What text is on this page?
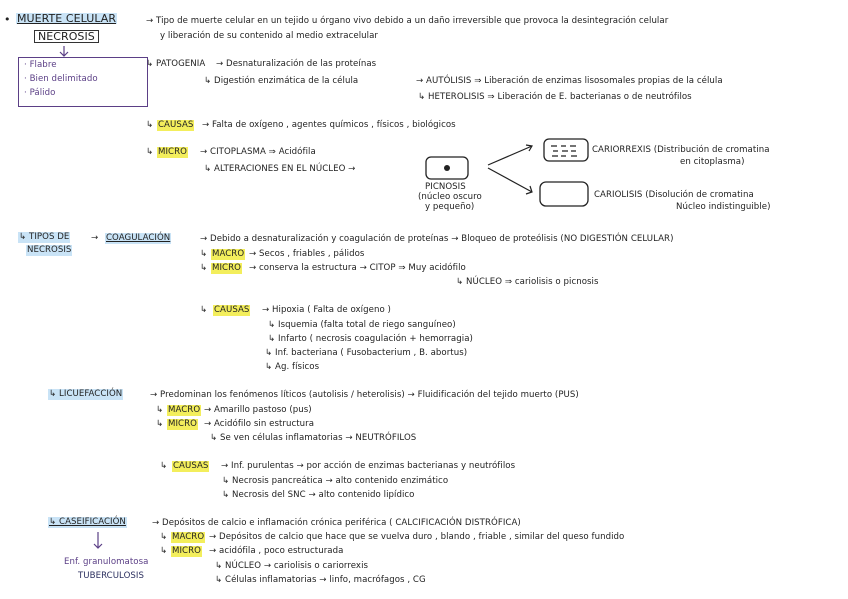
• MUERTE CELULAR
NECROSIS
→ Tipo de muerte celular en un tejido u órgano vivo debido a un daño irreversible que provoca la desintegración celular
y liberación de su contenido al medio extracelular
· Flabre
· Bien delimitado
· Pálido
↳ PATOGENIA → Desnaturalización de las proteínas
↳ Digestión enzimática de la célula	→ AUTÓLISIS ⇒ Liberación de enzimas lisosomales propias de la célula
↳ HETEROLISIS ⇒ Liberación de E. bacterianas o de neutrófilos
↳ CAUSAS → Falta de oxígeno , agentes químicos , físicos , biológicos
↳ MICRO → CITOPLASMA ⇒ Acidófila
↳ ALTERACIONES EN EL NÚCLEO →
PICNOSIS
(núcleo oscuro
y pequeño)
CARIORREXIS (Distribución de cromatina
en citoplasma)
CARIOLISIS (Disolución de cromatina
Núcleo indistinguible)
↳ TIPOS DE
NECROSIS
→ COAGULACIÓN	→ Debido a desnaturalización y coagulación de proteínas → Bloqueo de proteólisis (NO DIGESTIÓN CELULAR)
↳ MACRO → Secos , friables , pálidos
↳ MICRO → conserva la estructura → CITOP ⇒ Muy acidófilo
↳ NÚCLEO ⇒ cariolisis o picnosis
↳ CAUSAS → Hipoxia ( Falta de oxígeno )
↳ Isquemia (falta total de riego sanguíneo)
↳ Infarto ( necrosis coagulación + hemorragia)
↳ Inf. bacteriana ( Fusobacterium , B. abortus)
↳ Ag. físicos
↳ LICUEFACCIÓN	→ Predominan los fenómenos líticos (autolisis / heterolisis) → Fluidificación del tejido muerto (PUS)
↳ MACRO → Amarillo pastoso (pus)
↳ MICRO → Acidófilo sin estructura
↳ Se ven células inflamatorias → NEUTRÓFILOS
↳ CAUSAS → Inf. purulentas → por acción de enzimas bacterianas y neutrófilos
↳ Necrosis pancreática → alto contenido enzimático
↳ Necrosis del SNC → alto contenido lipídico
↳ CASEIFICACIÓN	→ Depósitos de calcio e inflamación crónica periférica ( CALCIFICACIÓN DISTRÓFICA)
↳ MACRO → Depósitos de calcio que hace que se vuelva duro , blando , friable , similar del queso fundido
↳ MICRO → acidófila , poco estructurada
↳ NÚCLEO → cariolisis o cariorrexis
↳ Células inflamatorias → linfo, macrófagos , CG
Enf. granulomatosa
TUBERCULOSIS
